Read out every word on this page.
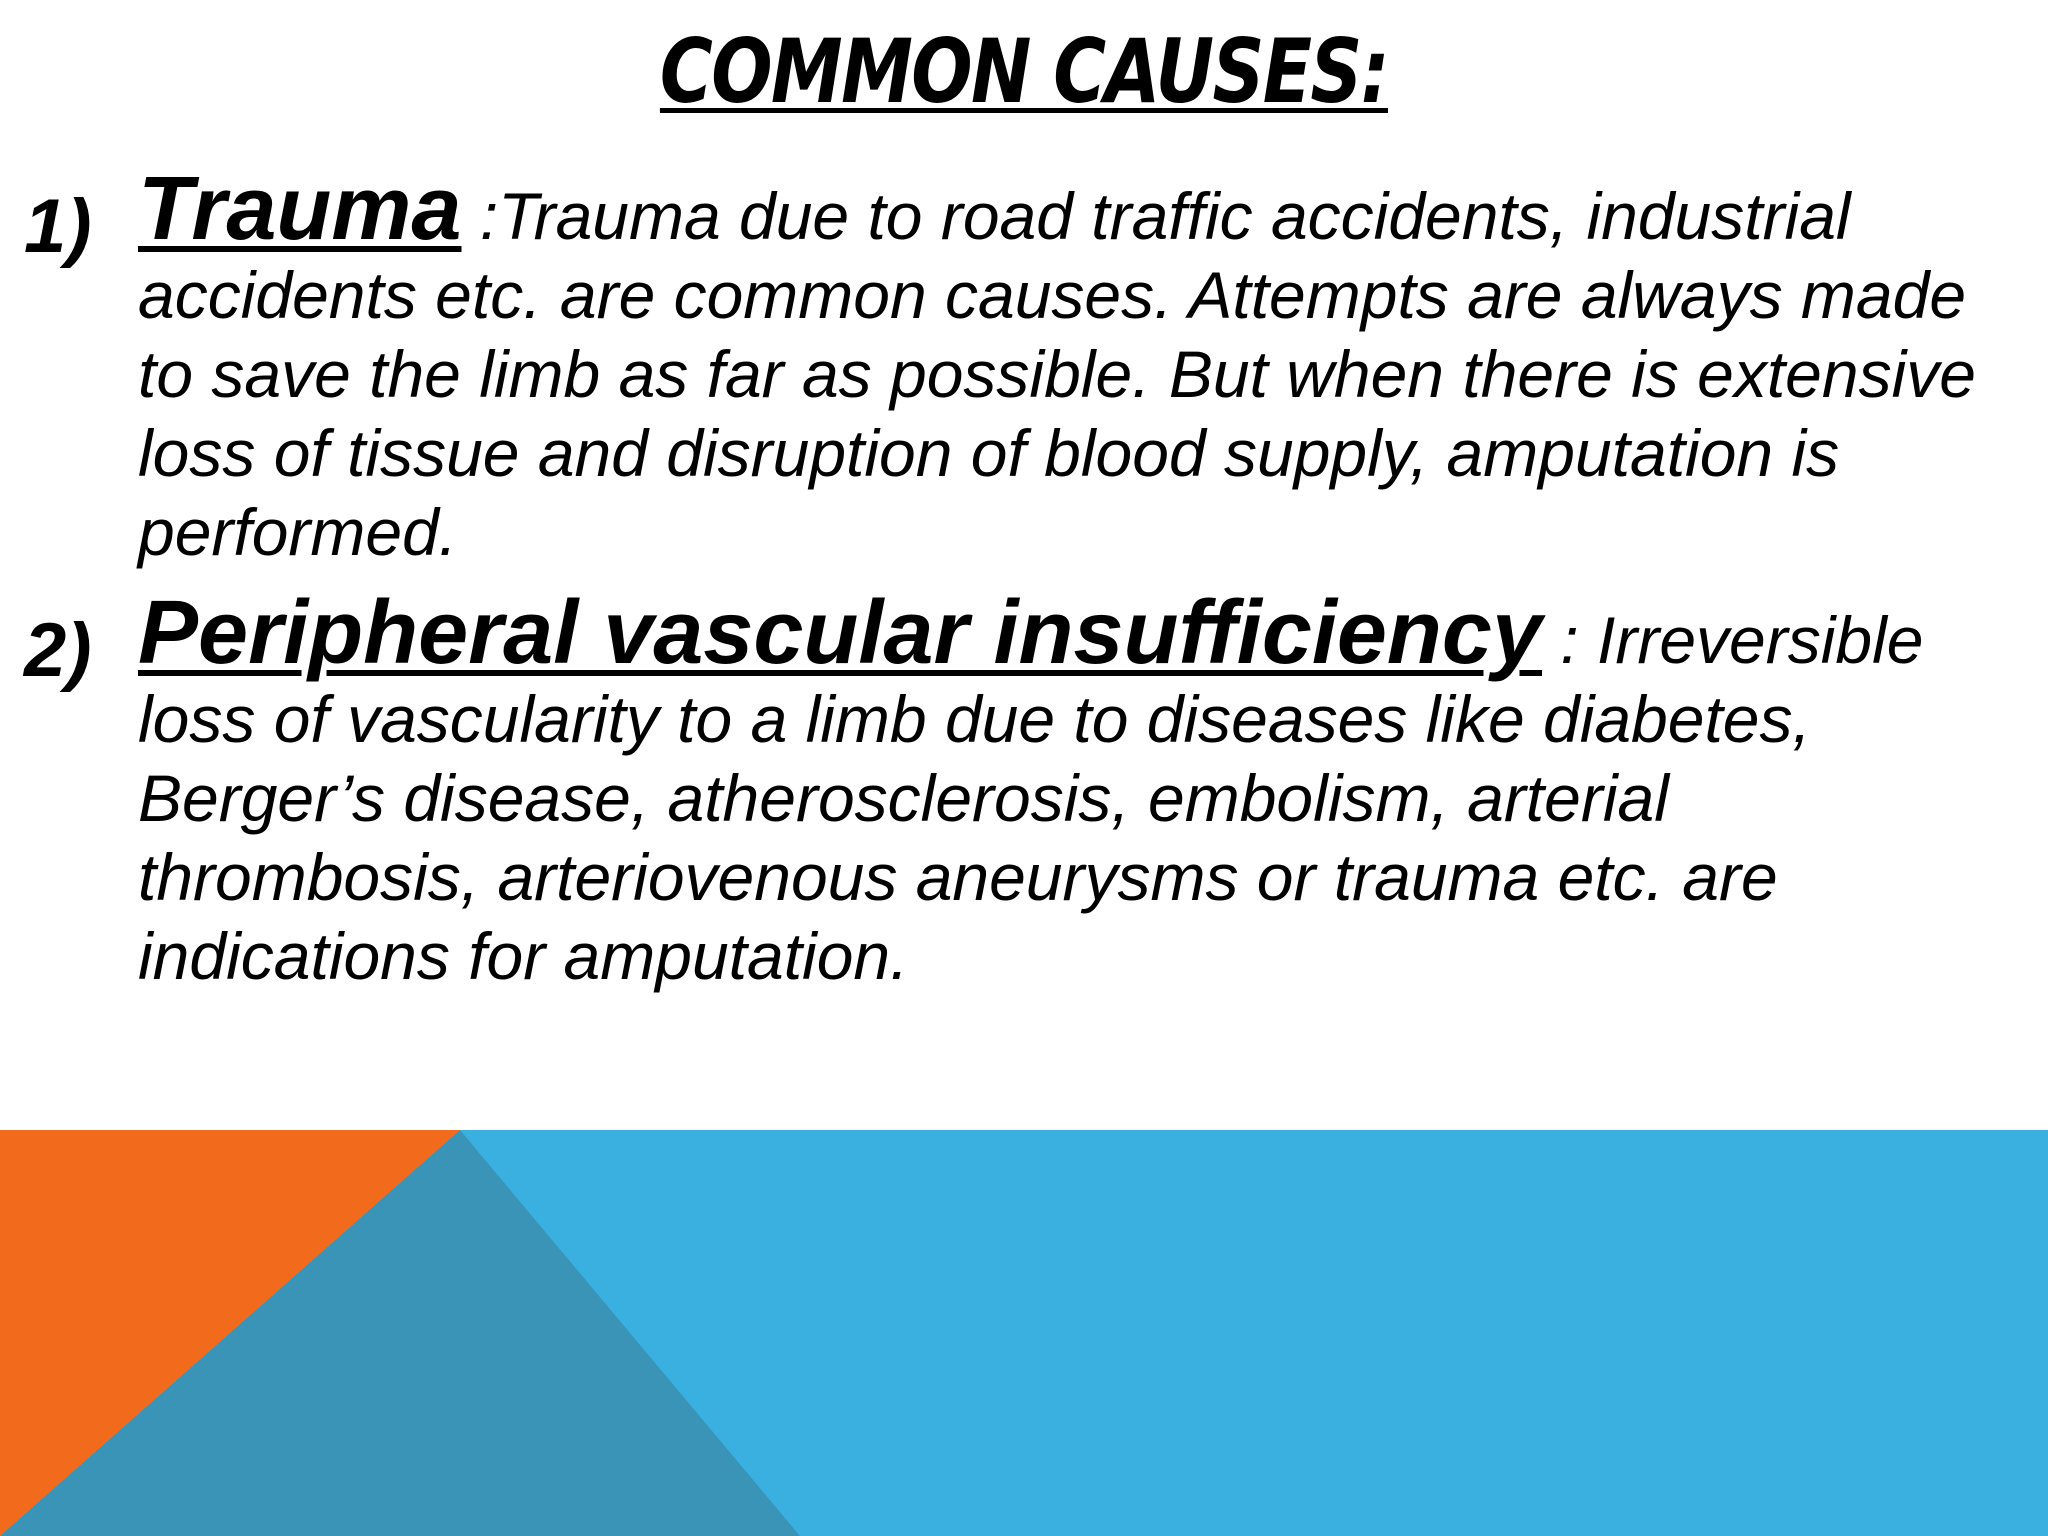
COMMON CAUSES:
1) Trauma :Trauma due to road traffic accidents, industrial accidents etc. are common causes. Attempts are always made to save the limb as far as possible. But when there is extensive loss of tissue and disruption of blood supply, amputation is performed.

2) Peripheral vascular insufficiency : Irreversible loss of vascularity to a limb due to diseases like diabetes, Berger’s disease, atherosclerosis, embolism, arterial thrombosis, arteriovenous aneurysms or trauma etc. are indications for amputation.
